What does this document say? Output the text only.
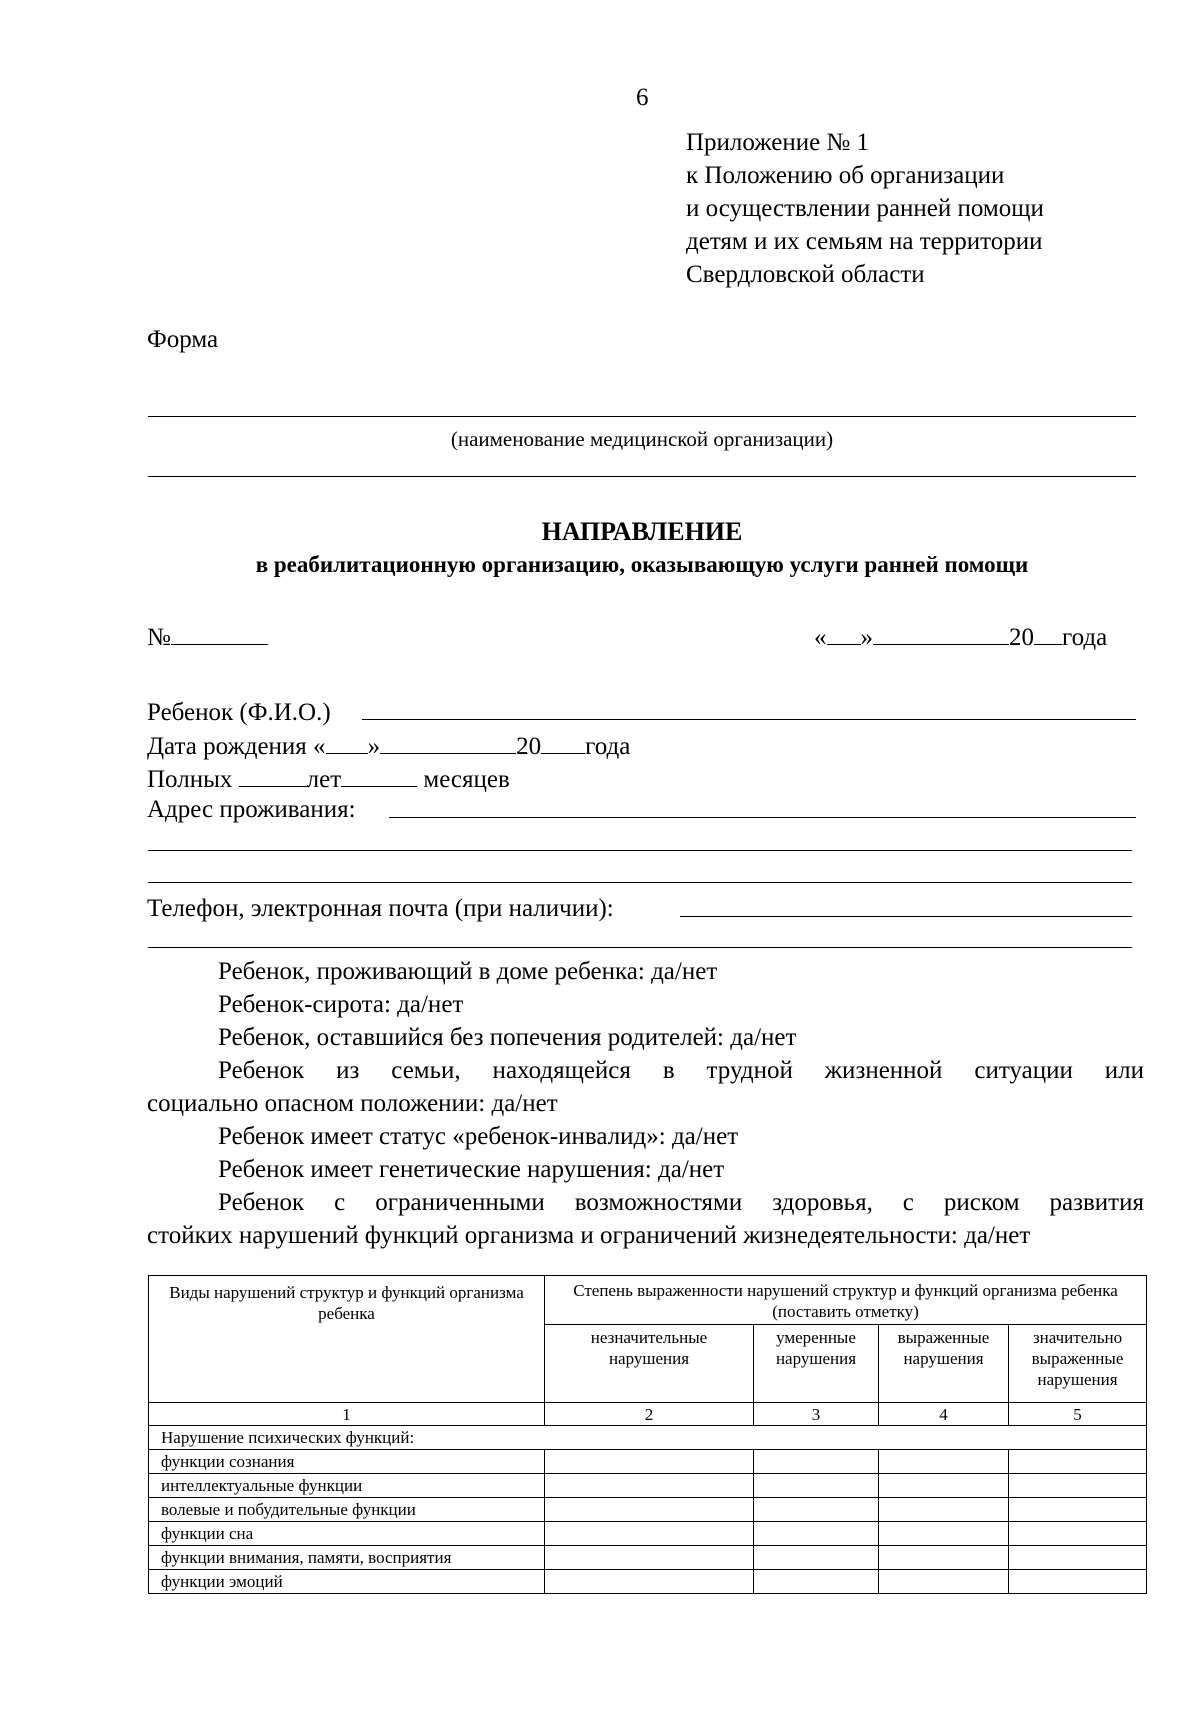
6
Приложение № 1
к Положению об организации
и осуществлении ранней помощи
детям и их семьям на территории
Свердловской области
Форма
(наименование медицинской организации)
НАПРАВЛЕНИЕ
в реабилитационную организацию, оказывающую услуги ранней помощи
№	« »	20 года
Ребенок (Ф.И.О.)
Дата рождения « »	20 года
Полных	лет	месяцев
Адрес проживания:
Телефон, электронная почта (при наличии):
Ребенок, проживающий в доме ребенка: да/нет
Ребенок-сирота: да/нет
Ребенок, оставшийся без попечения родителей: да/нет
Ребенок из семьи, находящейся в трудной жизненной ситуации или
социально опасном положении: да/нет
Ребенок имеет статус «ребенок-инвалид»: да/нет
Ребенок имеет генетические нарушения: да/нет
Ребенок с ограниченными возможностями здоровья, с риском развития
стойких нарушений функций организма и ограничений жизнедеятельности: да/нет
Виды нарушений структур и функций организма ребенка	Степень выраженности нарушений структур и функций организма ребенка (поставить отметку)			
	незначительные нарушения	умеренные нарушения	выраженные нарушения	значительно выраженные нарушения
1	2	3	4	5
Нарушение психических функций:				
функции сознания				
интеллектуальные функции				
волевые и побудительные функции				
функции сна				
функции внимания, памяти, восприятия				
функции эмоций				
